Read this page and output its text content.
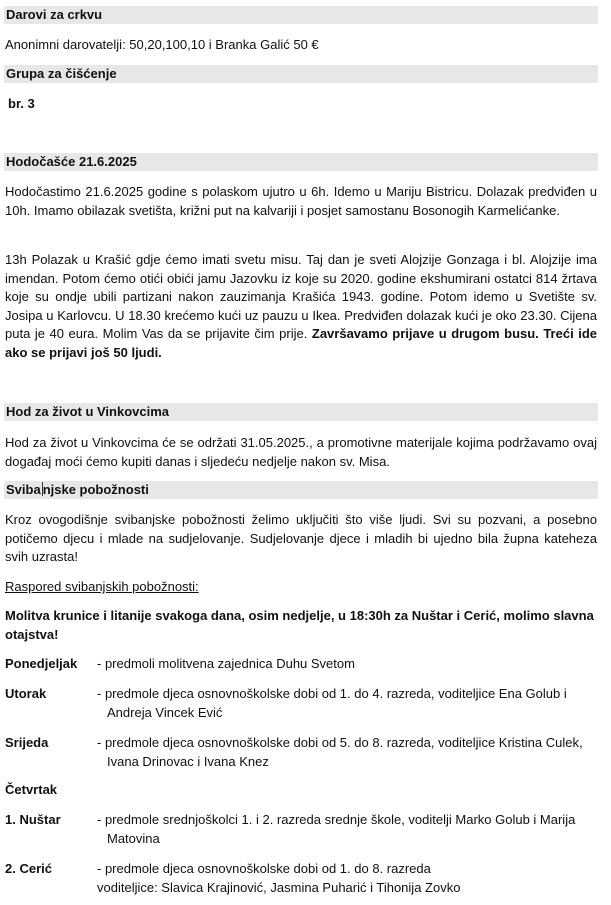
Darovi za crkvu
Anonimni darovatelji: 50,20,100,10 i Branka Galić 50 €
Grupa za čišćenje
br. 3
Hodočašće 21.6.2025
Hodočastimo 21.6.2025 godine s polaskom ujutro u 6h. Idemo u Mariju Bistricu. Dolazak predviđen u 10h. Imamo obilazak svetišta, križni put na kalvariji i posjet samostanu Bosonogih Karmelićanke.
13h Polazak u Krašić gdje ćemo imati svetu misu. Taj dan je sveti Alojzije Gonzaga i bl. Alojzije ima imendan. Potom ćemo otići obići jamu Jazovku iz koje su 2020. godine ekshumirani ostatci 814 žrtava koje su ondje ubili partizani nakon zauzimanja Krašića 1943. godine. Potom idemo u Svetište sv. Josipa u Karlovcu. U 18.30 krećemo kući uz pauzu u Ikea. Predviđen dolazak kući je oko 23.30. Cijena puta je 40 eura. Molim Vas da se prijavite čim prije. Završavamo prijave u drugom busu. Treći ide ako se prijavi još 50 ljudi.
Hod za život u Vinkovcima
Hod za život u Vinkovcima će se održati 31.05.2025., a promotivne materijale kojima podržavamo ovaj događaj moći ćemo kupiti danas i sljedeću nedjelje nakon sv. Misa.
Sviba njske pobožnosti
Kroz ovogodišnje svibanjske pobožnosti želimo uključiti što više ljudi. Svi su pozvani, a posebno potičemo djecu i mlade na sudjelovanje. Sudjelovanje djece i mladih bi ujedno bila župna kateheza svih uzrasta!
Raspored svibanjskih pobožnosti:
Molitva krunice i litanije svakoga dana, osim nedjelje, u 18:30h za Nuštar i Cerić, molimo slavna otajstva!
Ponedjeljak - predmoli molitvena zajednica Duhu Svetom
Utorak	- predmole djeca osnovnoškolske dobi od 1. do 4. razreda, voditeljice Ena Golub i Andreja Vincek Ević
Srijeda	- predmole djeca osnovnoškolske dobi od 5. do 8. razreda, voditeljice Kristina Culek, Ivana Drinovac i Ivana Knez
Četvrtak
1. Nuštar	- predmole srednjoškolci 1. i 2. razreda srednje škole, voditelji Marko Golub i Marija Matovina
2. Cerić	- predmole djeca osnovnoškolske dobi od 1. do 8. razreda
voditeljice: Slavica Krajinović, Jasmina Puharić i Tihonija Zovko
